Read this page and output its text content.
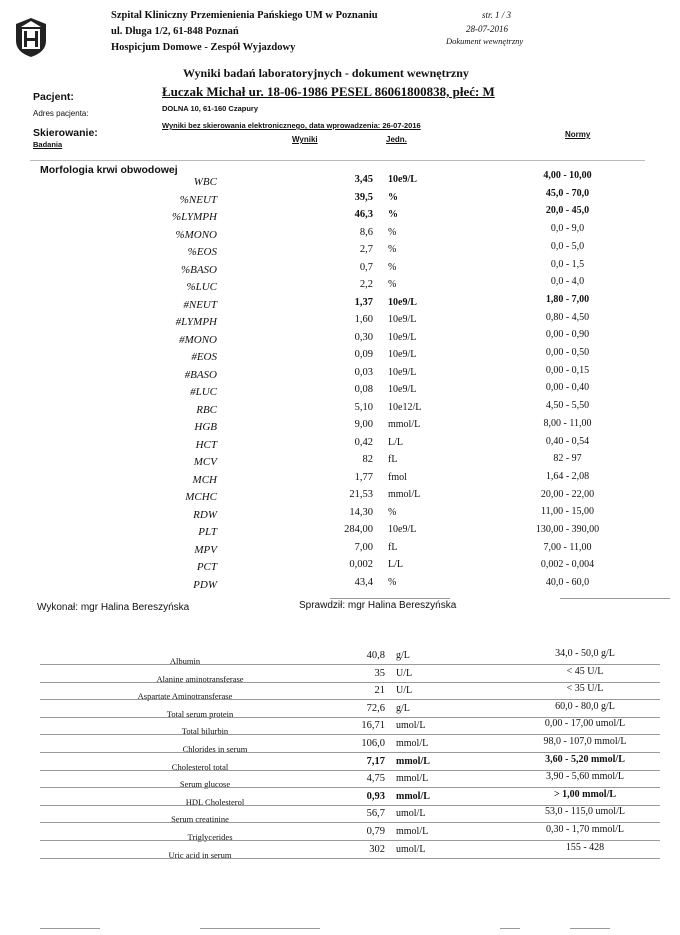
Szpital Kliniczny Przemienienia Pańskiego UM w Poznaniu
ul. Długa 1/2, 61-848 Poznań
Hospicjum Domowe - Zespół Wyjazdowy
str. 1 / 3
28-07-2016
Dokument wewnętrzny
Wyniki badań laboratoryjnych - dokument wewnętrzny
Pacjent:	Łuczak Michał ur. 18-06-1986 PESEL 86061800838, płeć: M
Adres pacjenta:
DOLNA 10, 61-160 Czapury
Skierowanie:
Wyniki bez skierowania elektronicznego, data wprowadzenia: 26-07-2016
Badania
Wyniki	Jedn.
Normy
Morfologia krwi obwodowej
WBC	3,45 10e9/L	4,00 - 10,00
%NEUT	39,5 %	45,0 - 70,0
%LYMPH	46,3 %	20,0 - 45,0
%MONO	8,6 %	0,0 - 9,0
%EOS	2,7 %	0,0 - 5,0
%BASO	0,7 %	0,0 - 1,5
%LUC	2,2 %	0,0 - 4,0
#NEUT	1,37 10e9/L	1,80 - 7,00
#LYMPH	1,60 10e9/L	0,80 - 4,50
#MONO	0,30 10e9/L	0,00 - 0,90
#EOS	0,09 10e9/L	0,00 - 0,50
#BASO	0,03 10e9/L	0,00 - 0,15
#LUC	0,08 10e9/L	0,00 - 0,40
RBC	5,10 10e12/L	4,50 - 5,50
HGB	9,00 mmol/L	8,00 - 11,00
HCT	0,42 L/L	0,40 - 0,54
MCV	82 fL	82 - 97
MCH	1,77 fmol	1,64 - 2,08
MCHC	21,53 mmol/L	20,00 - 22,00
RDW	14,30 %	11,00 - 15,00
PLT	284,00 10e9/L	130,00 - 390,00
MPV	7,00 fL	7,00 - 11,00
PCT	0,002 L/L	0,002 - 0,004
PDW	43,4 %	40,0 - 60,0
Wykonał: mgr Halina Bereszyńska	Sprawdził: mgr Halina Bereszyńska
Albumin	40,8 g/L	34,0 - 50,0 g/L
Alanine aminotransferase	35 U/L	< 45 U/L
Aspartate Aminotransferase	21 U/L	< 35 U/L
Total serum protein	72,6 g/L	60,0 - 80,0 g/L
Total bilurbin	16,71 umol/L	0,00 - 17,00 umol/L
Chlorides in serum	106,0 mmol/L	98,0 - 107,0 mmol/L
Cholesterol total	7,17 mmol/L	3,60 - 5,20 mmol/L
Serum glucose	4,75 mmol/L	3,90 - 5,60 mmol/L
HDL Cholesterol	0,93 mmol/L	> 1,00 mmol/L
Serum creatinine	56,7 umol/L	53,0 - 115,0 umol/L
Triglycerides	0,79 mmol/L	0,30 - 1,70 mmol/L
Uric acid in serum	302 umol/L	155 - 428
